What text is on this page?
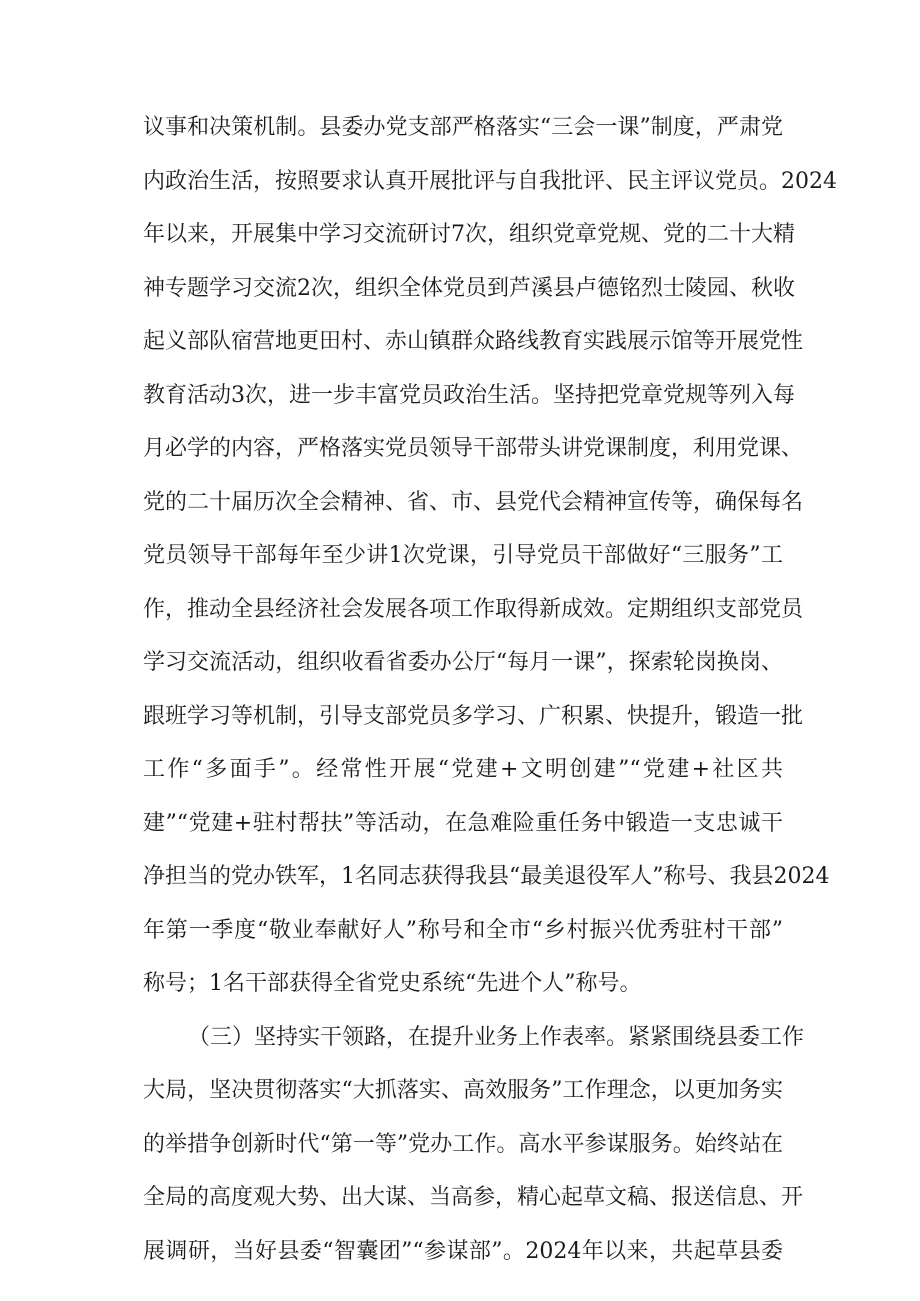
议事和决策机制。县委办党支部严格落实“三会一课”制度，严肃党
内政治生活，按照要求认真开展批评与自我批评、民主评议党员。2024
年以来，开展集中学习交流研讨7次，组织党章党规、党的二十大精
神专题学习交流2次，组织全体党员到芦溪县卢德铭烈士陵园、秋收
起义部队宿营地更田村、赤山镇群众路线教育实践展示馆等开展党性
教育活动3次，进一步丰富党员政治生活。坚持把党章党规等列入每
月必学的内容，严格落实党员领导干部带头讲党课制度，利用党课、
党的二十届历次全会精神、省、市、县党代会精神宣传等，确保每名
党员领导干部每年至少讲1次党课，引导党员干部做好“三服务”工
作，推动全县经济社会发展各项工作取得新成效。定期组织支部党员
学习交流活动，组织收看省委办公厅“每月一课”，探索轮岗换岗、
跟班学习等机制，引导支部党员多学习、广积累、快提升，锻造一批
工作“多面手”。经常性开展“党建+文明创建”“党建+社区共
建”“党建+驻村帮扶”等活动，在急难险重任务中锻造一支忠诚干
净担当的党办铁军，1名同志获得我县“最美退役军人”称号、我县2024
年第一季度“敬业奉献好人”称号和全市“乡村振兴优秀驻村干部”
称号；1名干部获得全省党史系统“先进个人”称号。
（三）坚持实干领路，在提升业务上作表率。紧紧围绕县委工作
大局，坚决贯彻落实“大抓落实、高效服务”工作理念，以更加务实
的举措争创新时代“第一等”党办工作。高水平参谋服务。始终站在
全局的高度观大势、出大谋、当高参，精心起草文稿、报送信息、开
展调研，当好县委“智囊团”“参谋部”。2024年以来，共起草县委
